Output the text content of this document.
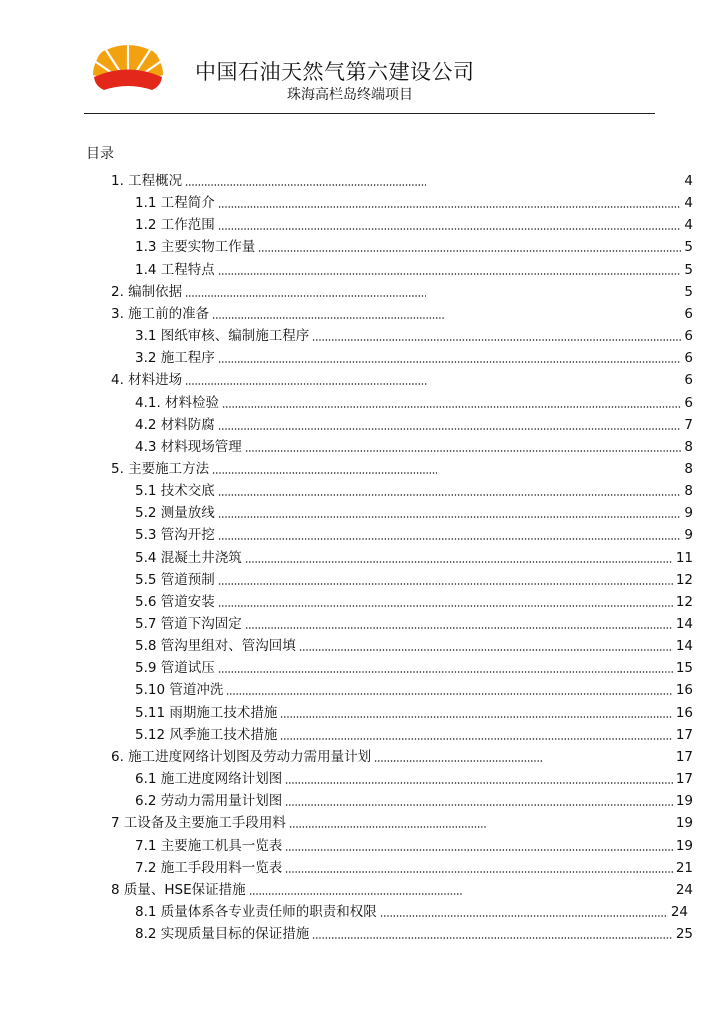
中国石油天然气第六建设公司
珠海高栏岛终端项目
目录
1. 工程概况	4
1.1 工程简介	4
1.2 工作范围	4
1.3 主要实物工作量	5
1.4 工程特点	5
2. 编制依据	5
3. 施工前的准备	6
3.1 图纸审核、编制施工程序	6
3.2 施工程序	6
4. 材料进场	6
4.1. 材料检验	6
4.2 材料防腐	7
4.3 材料现场管理	8
5. 主要施工方法	8
5.1 技术交底	8
5.2 测量放线	9
5.3 管沟开挖	9
5.4 混凝土井浇筑	11
5.5 管道预制	12
5.6 管道安装	12
5.7 管道下沟固定	14
5.8 管沟里组对、管沟回填	14
5.9 管道试压	15
5.10 管道冲洗	16
5.11 雨期施工技术措施	16
5.12 风季施工技术措施	17
6. 施工进度网络计划图及劳动力需用量计划	17
6.1 施工进度网络计划图	17
6.2 劳动力需用量计划图	19
7 工设备及主要施工手段用料	19
7.1 主要施工机具一览表	19
7.2 施工手段用料一览表	21
8 质量、HSE保证措施	24
8.1 质量体系各专业责任师的职责和权限	24
8.2 实现质量目标的保证措施	25
